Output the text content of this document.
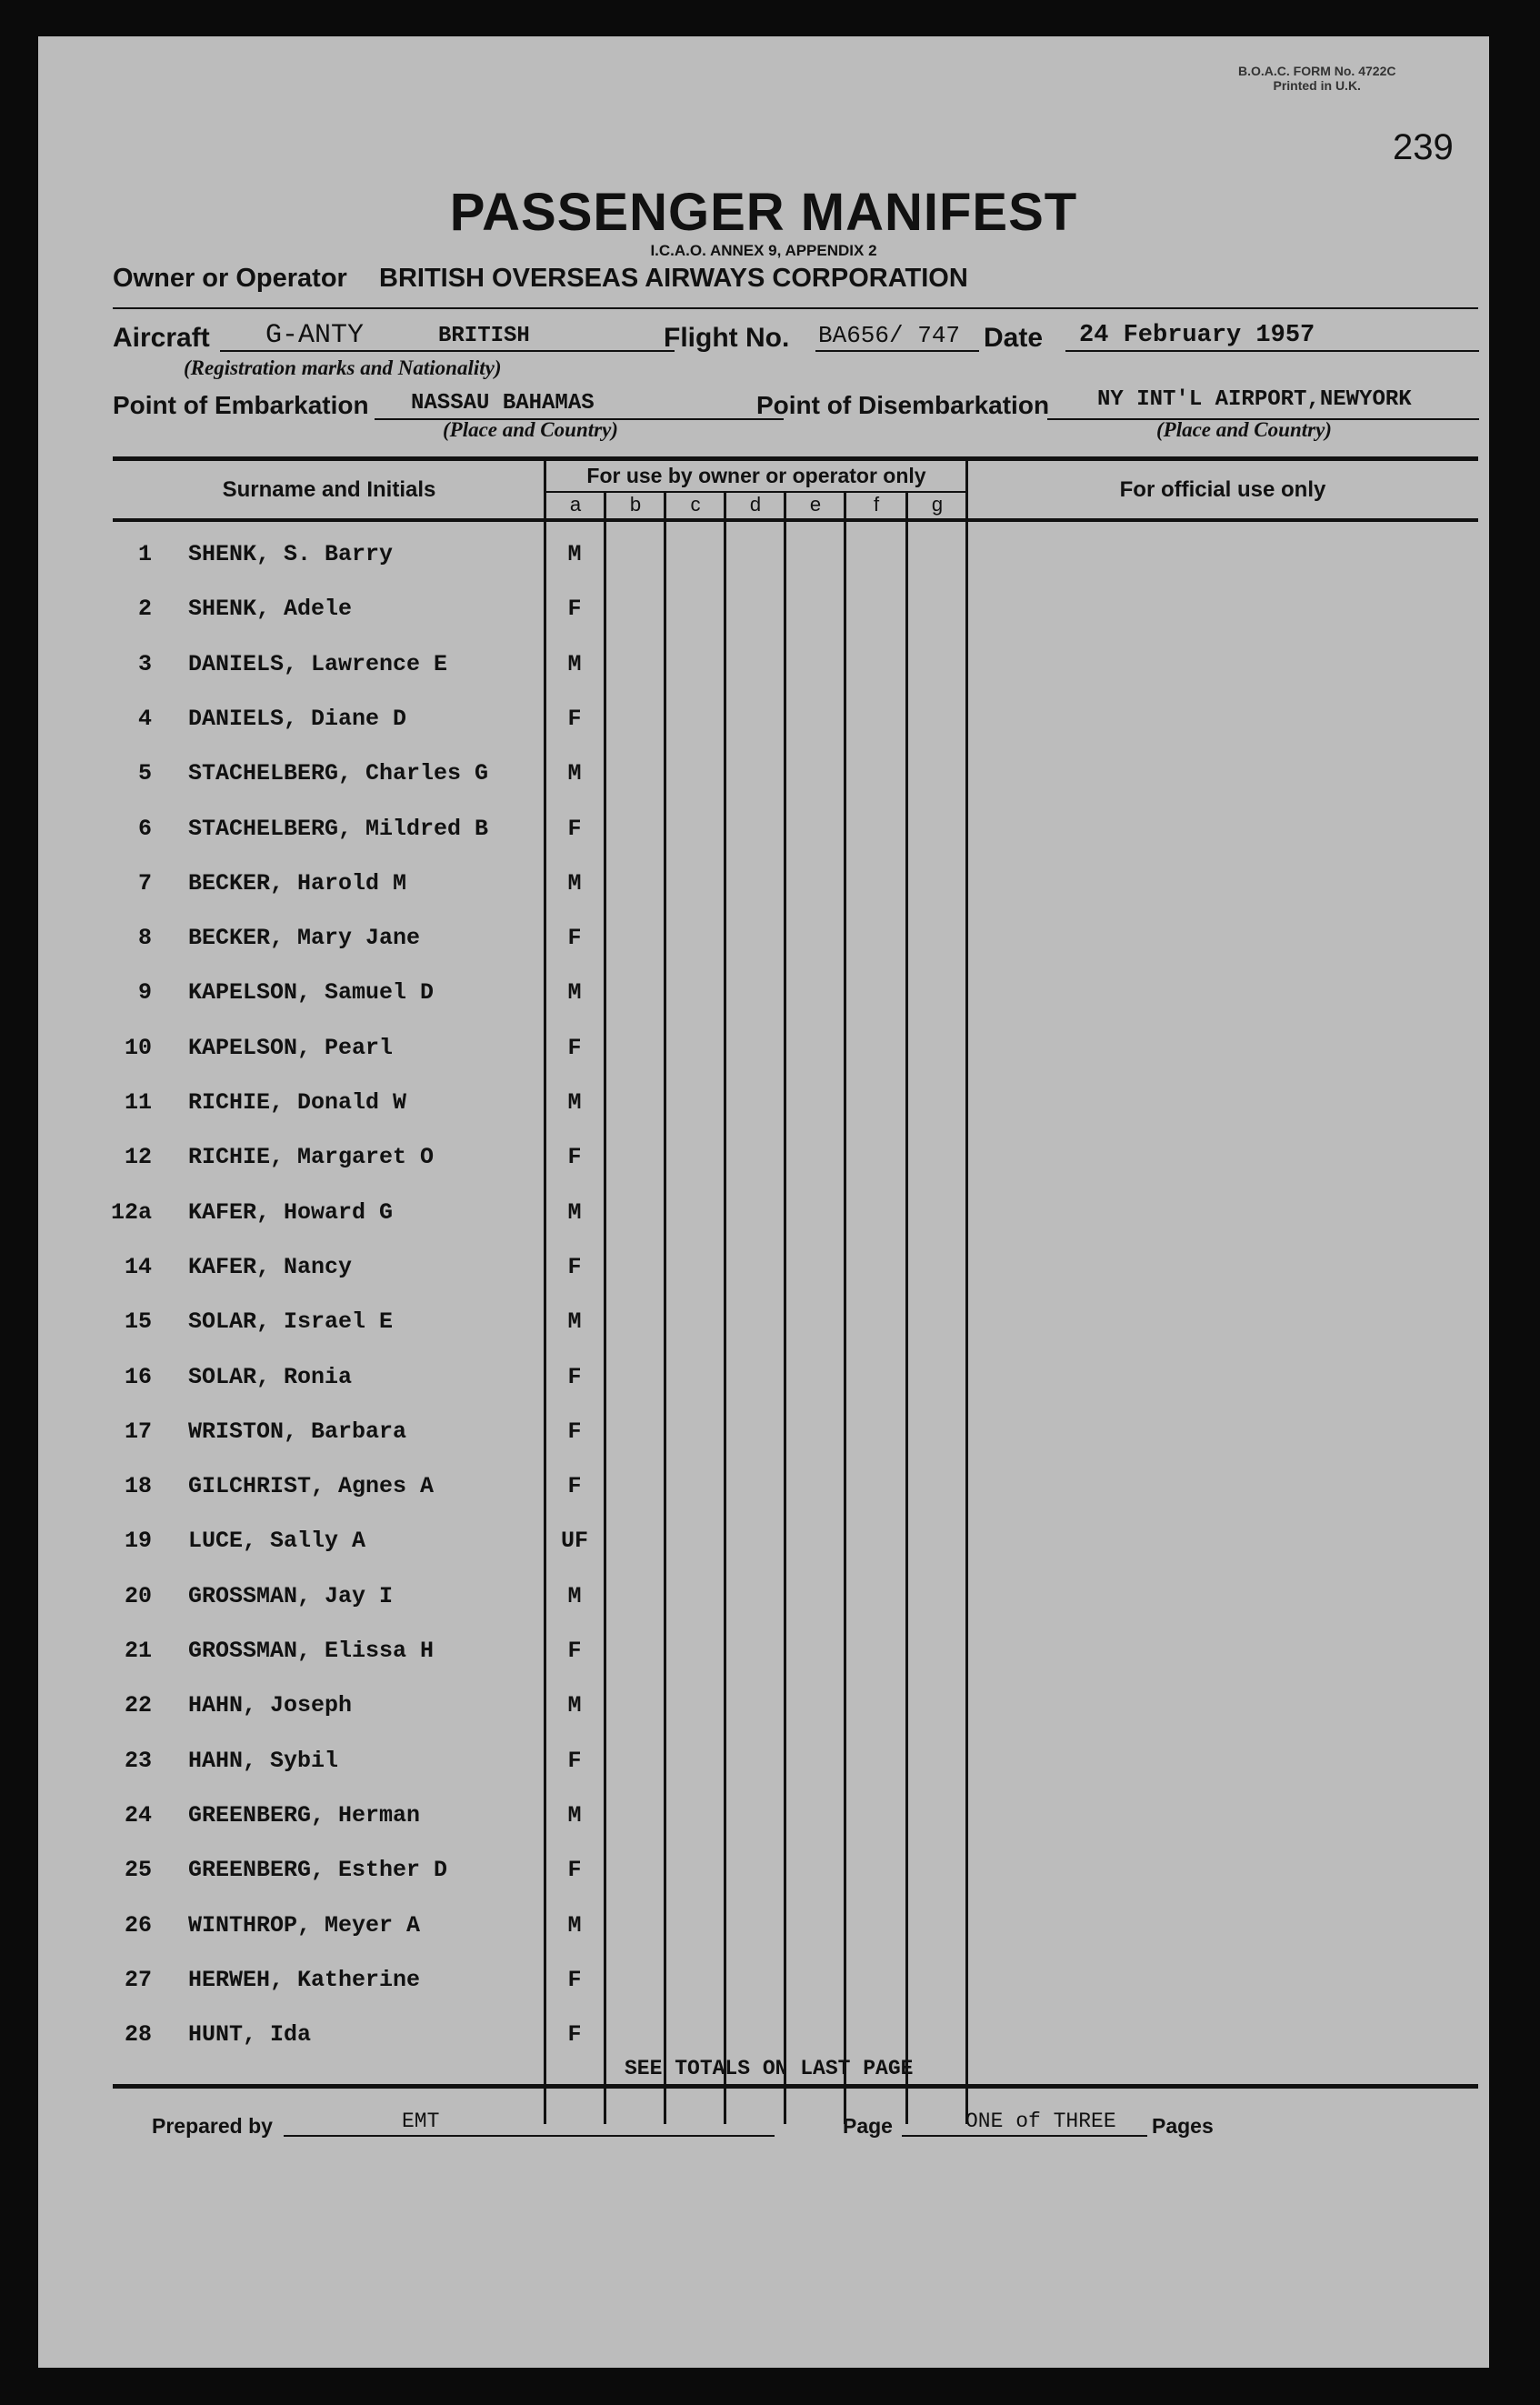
B.O.A.C. FORM No. 4722C
Printed in U.K.
239
PASSENGER MANIFEST
I.C.A.O. ANNEX 9, APPENDIX 2
Owner or Operator BRITISH OVERSEAS AIRWAYS CORPORATION
Aircraft G-ANTY	BRITISH
(Registration marks and Nationality)
Flight No. BA656/ 747 Date 24 February 1957
Point of Embarkation NASSAU BAHAMAS
(Place and Country)
Point of Disembarkation NY INT'L AIRPORT,NEWYORK
(Place and Country)
Surname and Initials
For use by owner or operator only
For official use only
a	b	c	d	e	f	g
1 SHENK, S. Barry	M
2 SHENK, Adele	F
3 DANIELS, Lawrence E	M
4 DANIELS, Diane D	F
5 STACHELBERG, Charles G	M
6 STACHELBERG, Mildred B	F
7 BECKER, Harold M	M
8 BECKER, Mary Jane	F
9 KAPELSON, Samuel D	M
10 KAPELSON, Pearl	F
11 RICHIE, Donald W	M
12 RICHIE, Margaret O	F
12a KAFER, Howard G	M
14 KAFER, Nancy	F
15 SOLAR, Israel E	M
16 SOLAR, Ronia	F
17 WRISTON, Barbara	F
18 GILCHRIST, Agnes A	F
19 LUCE, Sally A	UF
20 GROSSMAN, Jay I	M
21 GROSSMAN, Elissa H	F
22 HAHN, Joseph	M
23 HAHN, Sybil	F
24 GREENBERG, Herman	M
25 GREENBERG, Esther D	F
26 WINTHROP, Meyer A	M
27 HERWEH, Katherine	F
28 HUNT, Ida	F
SEE TOTALS ON LAST PAGE
Prepared by	EMT	Page	ONE of THREE Pages
